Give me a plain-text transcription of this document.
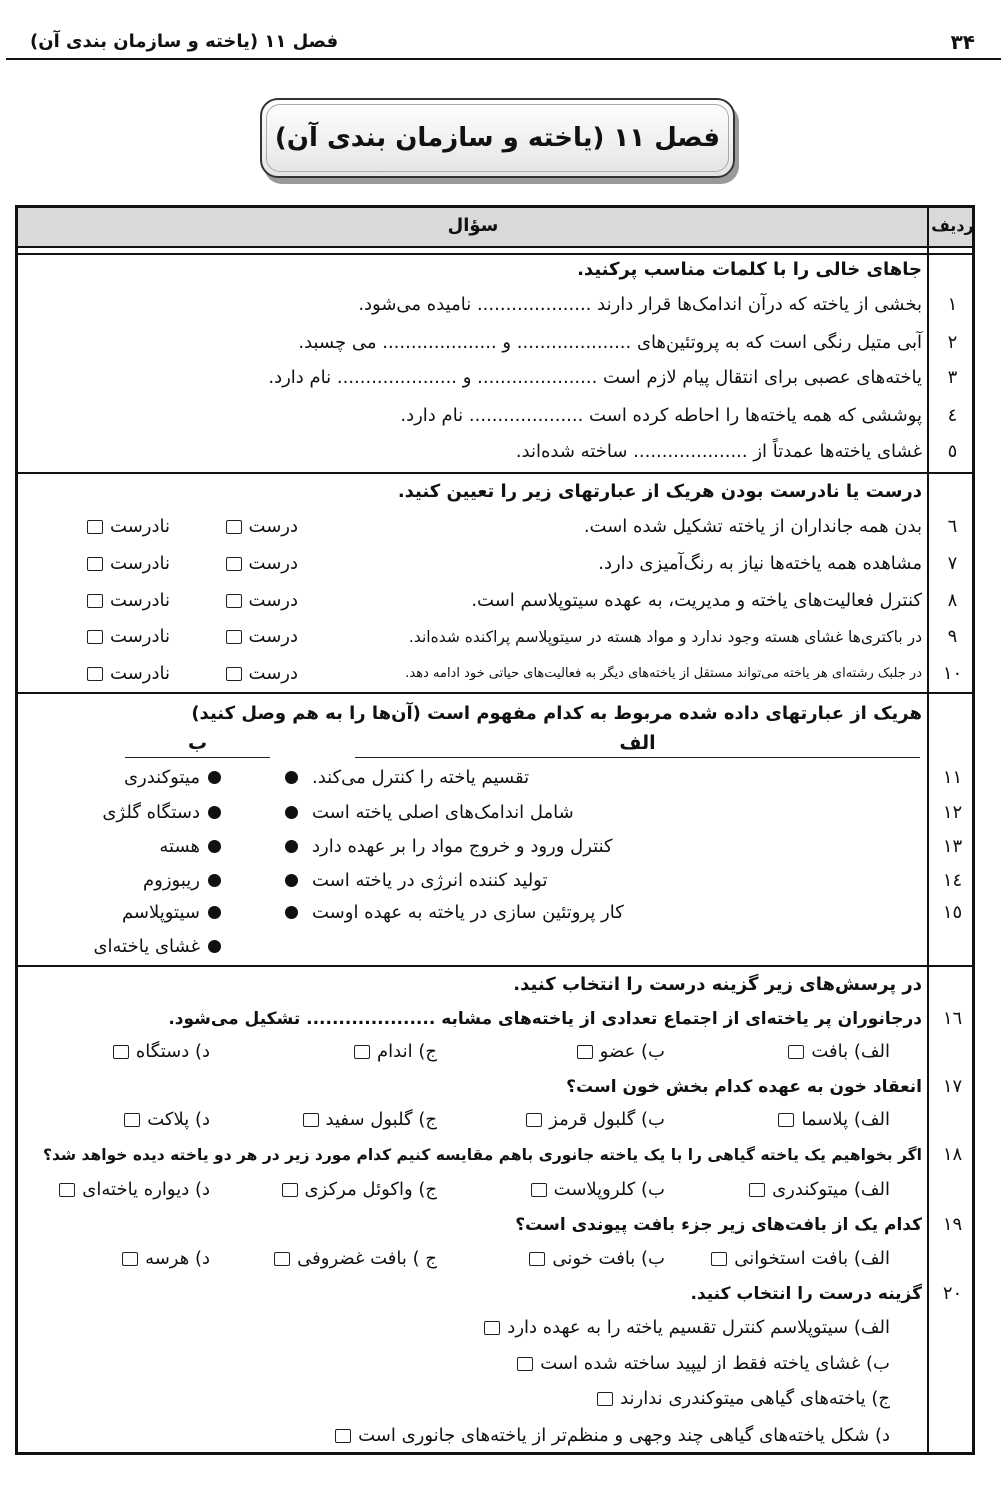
۳۴
فصل ۱۱ (یاخته و سازمان بندی آن)
فصل ۱۱ (یاخته و سازمان بندی آن)
ردیف
سؤال
جاهای خالی را با کلمات مناسب پرکنید.
۱
بخشی از یاخته که درآن اندامک‌ها قرار دارند .................... نامیده می‌شود.
۲
آبی متیل رنگی است که به پروتئین‌های .................... و .................... می چسبد.
۳
یاخته‌های عصبی برای انتقال پیام لازم است ..................... و ..................... نام دارد.
٤
پوششی که همه یاخته‌ها را احاطه کرده است .................... نام دارد.
٥
غشای یاخته‌ها عمدتاً از .................... ساخته شده‌اند.
درست یا نادرست بودن هریک از عبارتهای زیر را تعیین کنید.
٦
بدن همه جانداران از یاخته تشکیل شده است.
درست
نادرست
۷
مشاهده همه یاخته‌ها نیاز به رنگ‌آمیزی دارد.
درست
نادرست
۸
کنترل فعالیت‌های یاخته و مدیریت، به عهده سیتوپلاسم است.
درست
نادرست
۹
در باکتری‌ها غشای هسته وجود ندارد و مواد هسته در سیتوپلاسم پراکنده شده‌اند.
درست
نادرست
۱۰
در جلبک رشته‌ای هر یاخته می‌تواند مستقل از یاخته‌های دیگر به فعالیت‌های حیاتی خود ادامه دهد.
درست
نادرست
هریک از عبارتهای داده شده مربوط به کدام مفهوم است (آن‌ها را به هم وصل کنید)
الف
ب
۱۱
تقسیم یاخته را کنترل می‌کند.
میتوکندری
۱۲
شامل اندامک‌های اصلی یاخته است
دستگاه گلژی
۱۳
کنترل ورود و خروج مواد را بر عهده دارد
هسته
۱٤
تولید کننده انرژی در یاخته است
ریبوزوم
۱٥
کار پروتئین سازی در یاخته به عهده اوست
سیتوپلاسم
غشای یاخته‌ای
در پرسش‌های زیر گزینه درست را انتخاب کنید.
۱٦
درجانوران پر یاخته‌ای از اجتماع تعدادی از یاخته‌های مشابه .................... تشکیل می‌شود.
الف) بافت
ب) عضو
ج) اندام
د) دستگاه
۱۷
انعقاد خون به عهده کدام بخش خون است؟
الف) پلاسما
ب) گلبول قرمز
ج) گلبول سفید
د) پلاکت
۱۸
اگر بخواهیم یک یاخته گیاهی را با یک یاخته جانوری باهم مقایسه کنیم کدام مورد زیر در هر دو یاخته دیده خواهد شد؟
الف) میتوکندری
ب) کلروپلاست
ج) واکوئل مرکزی
د) دیواره یاخته‌ای
۱۹
کدام یک از بافت‌های زیر جزء بافت پیوندی است؟
الف) بافت استخوانی
ب) بافت خونی
ج ) بافت غضروفی
د) هرسه
۲۰
گزینه درست را انتخاب کنید.
الف) سیتوپلاسم کنترل تقسیم یاخته را به عهده دارد
ب) غشای یاخته فقط از لیپید ساخته شده است
ج) یاخته‌های گیاهی میتوکندری ندارند
د) شکل یاخته‌های گیاهی چند وجهی و منظم‌تر از یاخته‌های جانوری است
